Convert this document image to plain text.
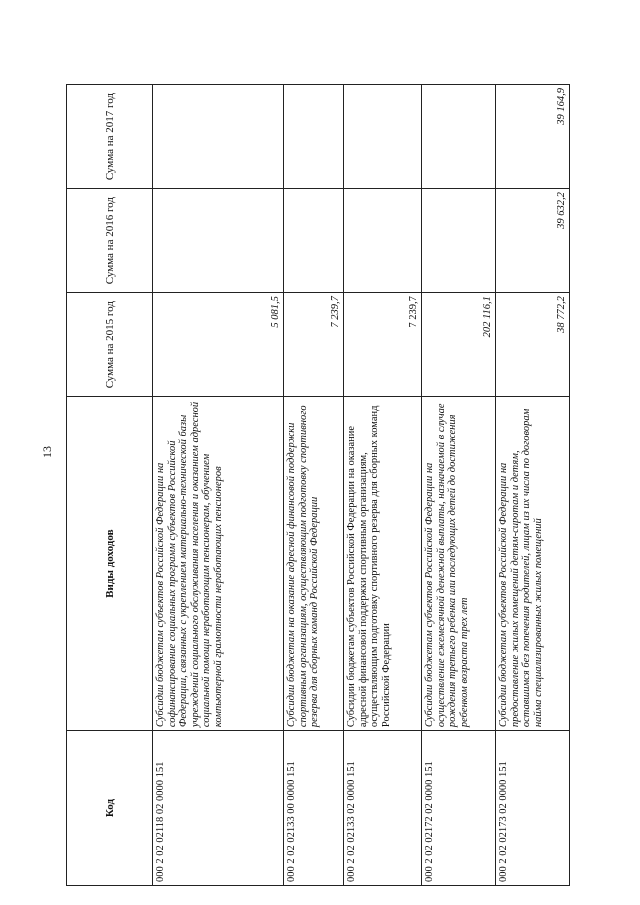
13
Код	Виды доходов	Сумма на 2015 год	Сумма на 2016 год	Сумма на 2017 год
000 2 02 02118 02 0000 151	Субсидии бюджетам субъектов Российской Федерации на софинансирование социальных программ субъектов Российской Федерации, связанных с укреплением материально-технической базы учреждений социального обслуживания населения и оказанием адресной социальной помощи неработающим пенсионерам, обучением компьютерной грамотности неработающих пенсионеров	5 081,5		
000 2 02 02133 00 0000 151	Субсидии бюджетам на оказание адресной финансовой поддержки спортивным организациям, осуществляющим подготовку спортивного резерва для сборных команд Российской Федерации	7 239,7		
000 2 02 02133 02 0000 151	Субсидии бюджетам субъектов Российской Федерации на оказание адресной финансовой поддержки спортивным организациям, осуществляющим подготовку спортивного резерва для сборных команд Российской Федерации	7 239,7		
000 2 02 02172 02 0000 151	Субсидии бюджетам субъектов Российской Федерации на осуществление ежемесячной денежной выплаты, назначаемой в случае рождения третьего ребенка или последующих детей до достижения ребенком возраста трех лет	202 116,1		
000 2 02 02173 02 0000 151	Субсидии бюджетам субъектов Российской Федерации на предоставление жилых помещений детям-сиротам и детям, оставшимся без попечения родителей, лицам из их числа по договорам найма специализированных жилых помещений	38 772,2	39 632,2	39 164,9
